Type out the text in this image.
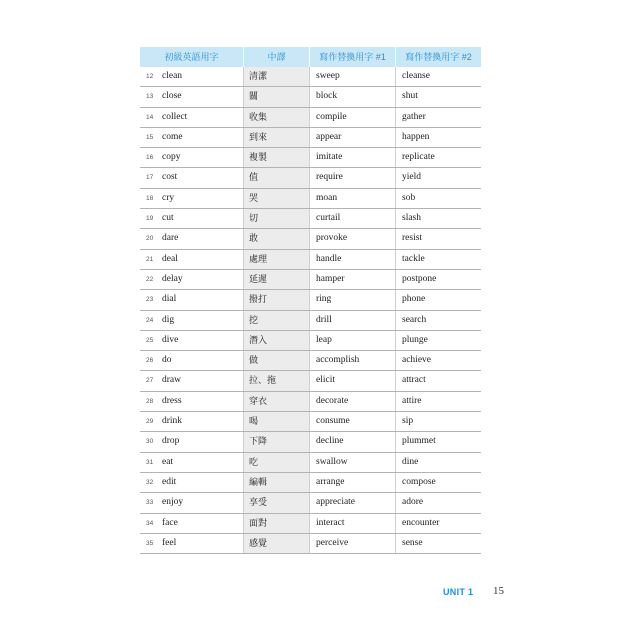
初級英語用字	中譯	寫作替換用字 #1	寫作替換用字 #2
12 clean	清潔	sweep	cleanse
13 close	關	block	shut
14 collect	收集	compile	gather
15 come	到來	appear	happen
16 copy	複製	imitate	replicate
17 cost	值	require	yield
18 cry	哭	moan	sob
19 cut	切	curtail	slash
20 dare	敢	provoke	resist
21 deal	處理	handle	tackle
22 delay	延遲	hamper	postpone
23 dial	撥打	ring	phone
24 dig	挖	drill	search
25 dive	潛入	leap	plunge
26 do	做	accomplish	achieve
27 draw	拉、拖	elicit	attract
28 dress	穿衣	decorate	attire
29 drink	喝	consume	sip
30 drop	下降	decline	plummet
31 eat	吃	swallow	dine
32 edit	編輯	arrange	compose
33 enjoy	享受	appreciate	adore
34 face	面對	interact	encounter
35 feel	感覺	perceive	sense
UNIT 1 15
